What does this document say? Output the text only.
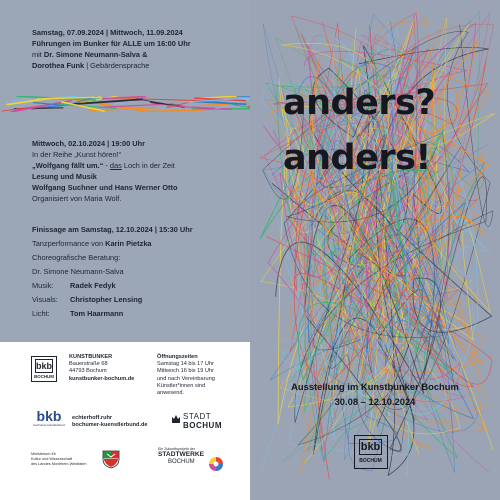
Samstag, 07.09.2024 | Mittwoch, 11.09.2024
Führungen im Bunker für ALLE um 16:00 Uhr
mit Dr. Simone Neumann-Salva &
Dorothea Funk | Gebärdensprache
Mittwoch, 02.10.2024 | 19:00 Uhr
In der Reihe „Kunst hören!“
„Wolfgang fällt um.“ - das Loch in der Zeit
Lesung und Musik
Wolfgang Suchner und Hans Werner Otto
Organisiert von Maria Wolf.
Finissage am Samstag, 12.10.2024 | 15:30 Uhr
Tanzperformance von Karin Pietzka
Choreografische Beratung:
Dr. Simone Neumann-Salva
Musik:	Radek Fedyk
Visuals:	Christopher Lensing
Licht:	Tom Haarmann
bkb
BOCHUM
KUNSTBUNKER
Bauerstraße 68
44793 Bochum
kunstbunker-bochum.de
Öffnungszeiten
Samstag 14 bis 17 Uhr
Mittwoch 16 bis 19 Uhr
und nach Vereinbarung
Künstler*innen sind
anwesend.
bkb
bochumer künstlerbund
echterhoff.ruhr
bochumer-kuenstlerbund.de
STADT
BOCHUM
Ministerium für
Kultur und Wissenschaft
des Landes Nordrhein-Westfalen
Ein Zukunftsprojekt der
STADTWERKE
BOCHUM
anders?
anders!
Ausstellung im Kunstbunker Bochum
30.08 – 12.10.2024
bkb
BOCHUM
